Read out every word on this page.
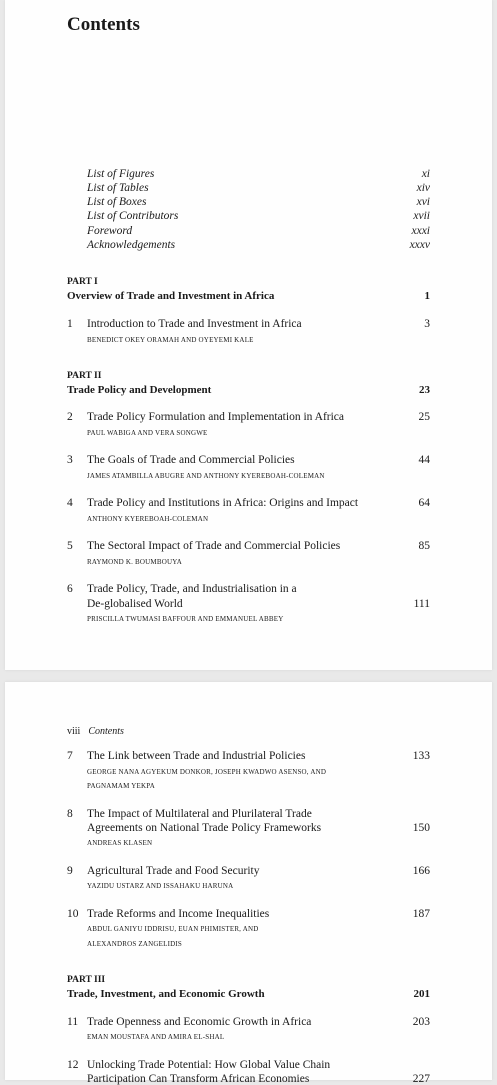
Contents
List of Figures	xi
List of Tables	xiv
List of Boxes	xvi
List of Contributors	xvii
Foreword	xxxi
Acknowledgements	xxxv
PART I
Overview of Trade and Investment in Africa	1
1 Introduction to Trade and Investment in Africa	3
BENEDICT OKEY ORAMAH AND OYEYEMI KALE
PART II
Trade Policy and Development	23
2 Trade Policy Formulation and Implementation in Africa	25
PAUL WABIGA AND VERA SONGWE
3 The Goals of Trade and Commercial Policies	44
JAMES ATAMBILLA ABUGRE AND ANTHONY KYEREBOAH-COLEMAN
4 Trade Policy and Institutions in Africa: Origins and Impact	64
ANTHONY KYEREBOAH-COLEMAN
5 The Sectoral Impact of Trade and Commercial Policies	85
RAYMOND K. BOUMBOUYA
6 Trade Policy, Trade, and Industrialisation in a
De-globalised World	111
PRISCILLA TWUMASI BAFFOUR AND EMMANUEL ABBEY
viii Contents
7 The Link between Trade and Industrial Policies	133
GEORGE NANA AGYEKUM DONKOR, JOSEPH KWADWO ASENSO, AND
PAGNAMAM YEKPA
8 The Impact of Multilateral and Plurilateral Trade
Agreements on National Trade Policy Frameworks	150
ANDREAS KLASEN
9 Agricultural Trade and Food Security	166
YAZIDU USTARZ AND ISSAHAKU HARUNA
10 Trade Reforms and Income Inequalities	187
ABDUL GANIYU IDDRISU, EUAN PHIMISTER, AND
ALEXANDROS ZANGELIDIS
PART III
Trade, Investment, and Economic Growth	201
11 Trade Openness and Economic Growth in Africa	203
EMAN MOUSTAFA AND AMIRA EL-SHAL
12 Unlocking Trade Potential: How Global Value Chain
Participation Can Transform African Economies	227
